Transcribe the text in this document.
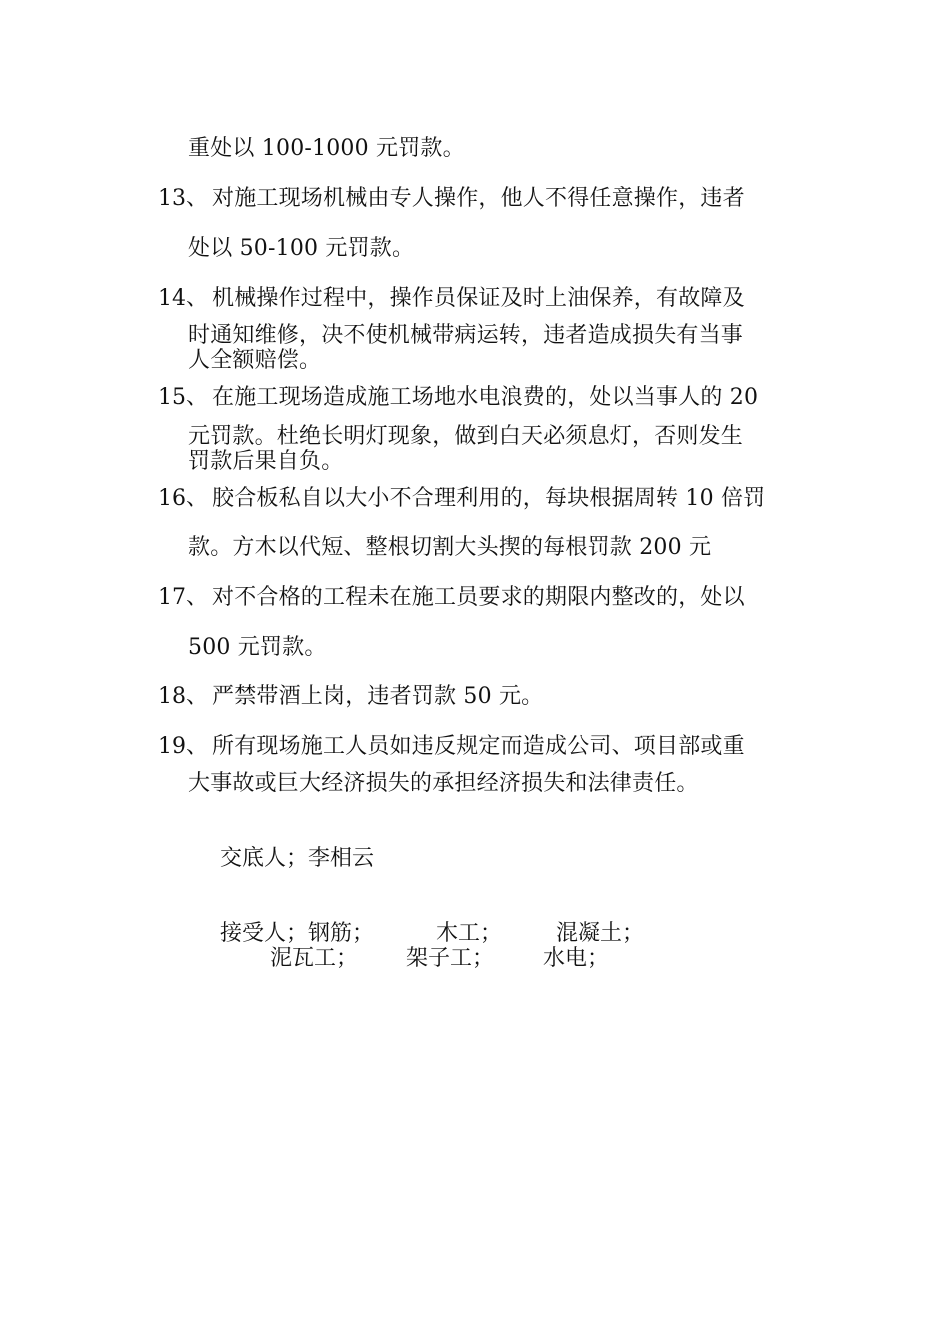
重处以 100-1000 元罚款。
13、 对施工现场机械由专人操作，他人不得任意操作，违者
处以 50-100 元罚款。
14、 机械操作过程中，操作员保证及时上油保养，有故障及
时通知维修，决不使机械带病运转，违者造成损失有当事
人全额赔偿。
15、 在施工现场造成施工场地水电浪费的，处以当事人的 20
元罚款。杜绝长明灯现象，做到白天必须息灯，否则发生
罚款后果自负。
16、 胶合板私自以大小不合理利用的，每块根据周转 10 倍罚
款。方木以代短、整根切割大头揳的每根罚款 200 元
17、 对不合格的工程未在施工员要求的期限内整改的，处以
500 元罚款。
18、 严禁带酒上岗，违者罚款 50 元。
19、 所有现场施工人员如违反规定而造成公司、项目部或重
大事故或巨大经济损失的承担经济损失和法律责任。
交底人；李相云
接受人；钢筋；	木工； 混凝土；
泥瓦工； 架子工； 水电；
